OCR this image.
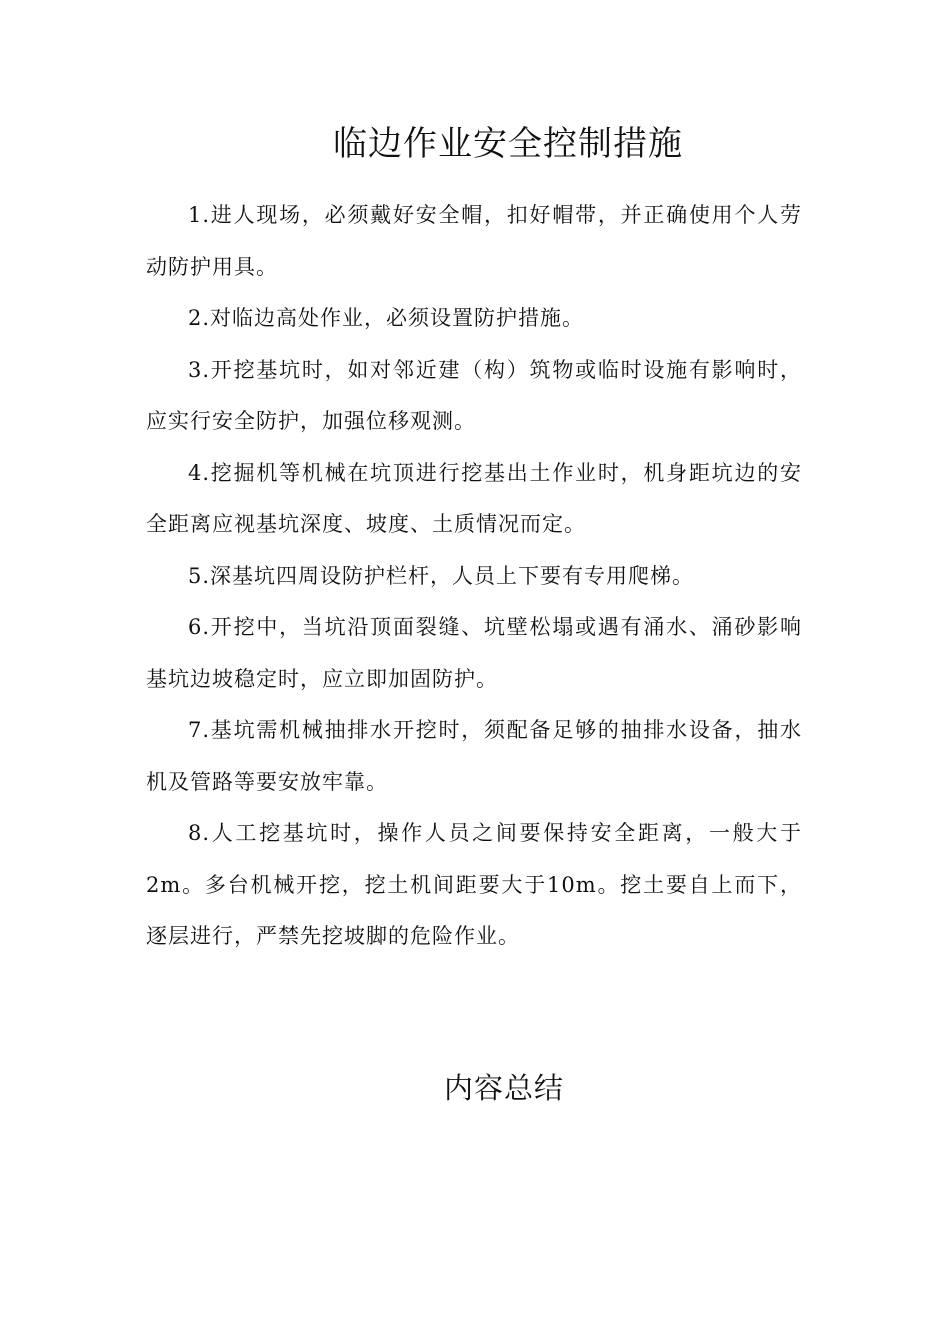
临边作业安全控制措施

1.进人现场，必须戴好安全帽，扣好帽带，并正确使用个人劳动防护用具。

2.对临边高处作业，必须设置防护措施。

3.开挖基坑时，如对邻近建（构）筑物或临时设施有影响时，应实行安全防护，加强位移观测。

4.挖掘机等机械在坑顶进行挖基出土作业时，机身距坑边的安全距离应视基坑深度、坡度、土质情况而定。

5.深基坑四周设防护栏杆，人员上下要有专用爬梯。

6.开挖中，当坑沿顶面裂缝、坑壁松塌或遇有涌水、涌砂影响基坑边坡稳定时，应立即加固防护。

7.基坑需机械抽排水开挖时，须配备足够的抽排水设备，抽水机及管路等要安放牢靠。

8.人工挖基坑时，操作人员之间要保持安全距离，一般大于2m。多台机械开挖，挖土机间距要大于10m。挖土要自上而下，逐层进行，严禁先挖坡脚的危险作业。

内容总结
